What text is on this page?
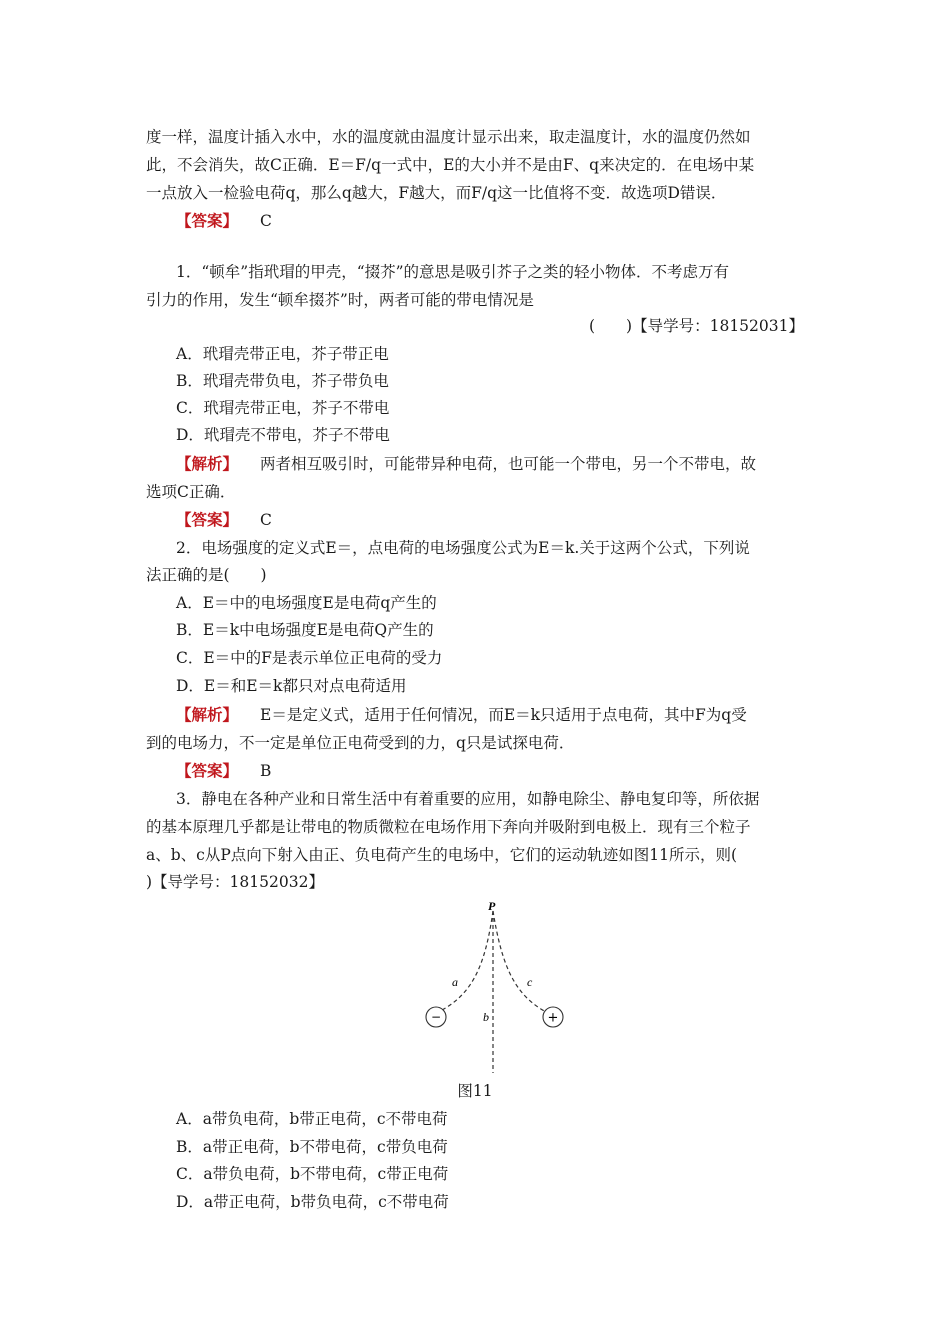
度一样，温度计插入水中，水的温度就由温度计显示出来，取走温度计，水的温度仍然如
此，不会消失，故C正确．E＝F/q一式中，E的大小并不是由F、q来决定的．在电场中某
一点放入一检验电荷q，那么q越大，F越大，而F/q这一比值将不变．故选项D错误．
【答案】 C
1．“顿牟”指玳瑁的甲壳，“掇芥”的意思是吸引芥子之类的轻小物体．不考虑万有
引力的作用，发生“顿牟掇芥”时，两者可能的带电情况是
(　　)【导学号：18152031】
A．玳瑁壳带正电，芥子带正电
B．玳瑁壳带负电，芥子带负电
C．玳瑁壳带正电，芥子不带电
D．玳瑁壳不带电，芥子不带电
【解析】 两者相互吸引时，可能带异种电荷，也可能一个带电，另一个不带电，故
选项C正确．
【答案】 C
2．电场强度的定义式E＝，点电荷的电场强度公式为E＝k.关于这两个公式，下列说
法正确的是(　　)
A．E＝中的电场强度E是电荷q产生的
B．E＝k中电场强度E是电荷Q产生的
C．E＝中的F是表示单位正电荷的受力
D．E＝和E＝k都只对点电荷适用
【解析】 E＝是定义式，适用于任何情况，而E＝k只适用于点电荷，其中F为q受
到的电场力，不一定是单位正电荷受到的力，q只是试探电荷．
【答案】 B
3．静电在各种产业和日常生活中有着重要的应用，如静电除尘、静电复印等，所依据
的基本原理几乎都是让带电的物质微粒在电场作用下奔向并吸附到电极上．现有三个粒子
a、b、c从P点向下射入由正、负电荷产生的电场中，它们的运动轨迹如图11所示，则(
)【导学号：18152032】
−	+
P
a
b
c
图11
A．a带负电荷，b带正电荷，c不带电荷
B．a带正电荷，b不带电荷，c带负电荷
C．a带负电荷，b不带电荷，c带正电荷
D．a带正电荷，b带负电荷，c不带电荷
